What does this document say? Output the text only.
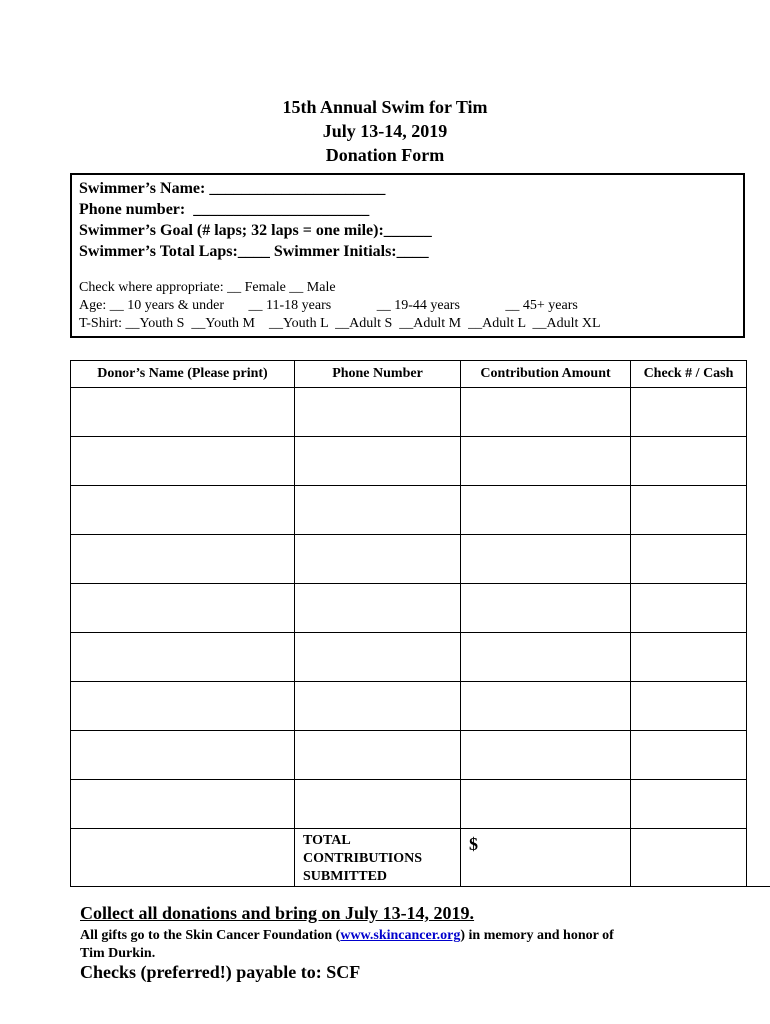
15th Annual Swim for Tim
July 13-14, 2019
Donation Form
Swimmer’s Name: ______________________
Phone number:  ______________________
Swimmer’s Goal (# laps; 32 laps = one mile):______
Swimmer’s Total Laps:____ Swimmer Initials:____
Check where appropriate: __ Female __ Male
Age: __ 10 years & under       __ 11-18 years             __ 19-44 years             __ 45+ years
T-Shirt: __Youth S  __Youth M    __Youth L  __Adult S  __Adult M  __Adult L  __Adult XL
Donor’s Name (Please print)	Phone Number	Contribution Amount	Check # / Cash	

	TOTAL
CONTRIBUTIONS
SUBMITTED	$		

Collect all donations and bring on July 13-14, 2019.
All gifts go to the Skin Cancer Foundation (www.skincancer.org) in memory and honor of Tim Durkin.
Checks (preferred!) payable to: SCF
